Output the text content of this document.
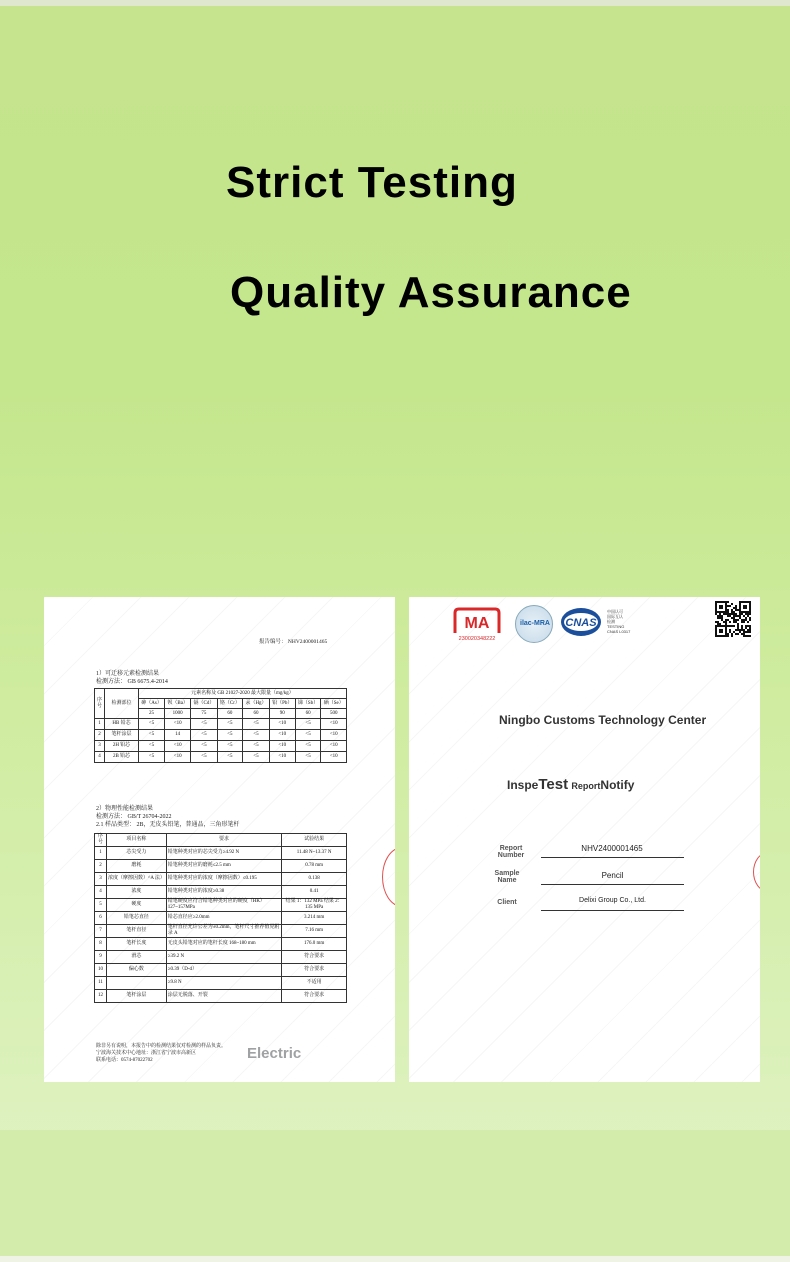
Strict Testing
Quality Assurance
报告编号： NHV2400001465
1）可迁移元素检测结果
检测方法： GB 6675.4-2014
序号	检测部位	元素名称及 GB 21027-2020 最大限量（mg/kg）							
		砷（As）	钡（Ba）	镉（Cd）	铬（Cr）	汞（Hg）	铅（Pb）	锑（Sb）	硒（Se）
		25	1000	75	60	60	90	60	500
1	HB 铅芯	<5	<10	<5	<5	<5	<10	<5	<10
2	笔杆涂层	<5	14	<5	<5	<5	<10	<5	<10
3	2H 铅芯	<5	<10	<5	<5	<5	<10	<5	<10
4	2B 铅芯	<5	<10	<5	<5	<5	<10	<5	<10
2）物理性能检测结果
检测方法： GB/T 26704-2022
2.1 样品类型： 2B，无皮头铅笔，普通品，三角形笔杆
序号	项目名称	要求	试验结果
1	芯尖受力	铅笔种类对应的芯尖受力≥4.92 N	11.48 N~13.37 N
2	磨耗	铅笔种类对应的磨耗≤2.5 mm	0.78 mm
3	浓度（摩擦因数）^A 法）	铅笔种类对应的浓度（摩擦因数）≤0.195	0.138
4	浓度	铅笔种类对应的浓度≥0.38	0.41
5	硬度	铅笔硬度应符合铅笔种类对应的硬度（HK）127~157MPa	结果 1：132 MPa 结果 2：135 MPa
6	铅笔芯直径	铅芯直径应≥2.0mm	3.214 mm
7	笔杆直径	笔杆直径允许公差为±0.2mm，笔杆尺寸推荐值见附录 A	7.16 mm
8	笔杆长度	无皮头铅笔对应的笔杆长度 168~180 mm	176.0 mm
9	滑芯	≥39.2 N	符合要求
10	偏心数	≥0.39（D-d）	符合要求
11		≥9.8 N	不适用
12	笔杆涂层	涂层无脱落、开裂	符合要求
除非另有说明，本报告中的检测结果仅对检测的样品负责。
宁波海关技术中心地址：浙江省宁波市高新区
联系电话：0574-87022702	Electric
MA
230020348222
ilac-MRA CNAS
中国认可
国际互认
检测
TESTING
CNAS L0317
Ningbo Customs Technology Center
InspeTest ReportNotify
Report Number
NHV2400001465
Sample Name
Pencil
Client	Delixi Group Co., Ltd.
